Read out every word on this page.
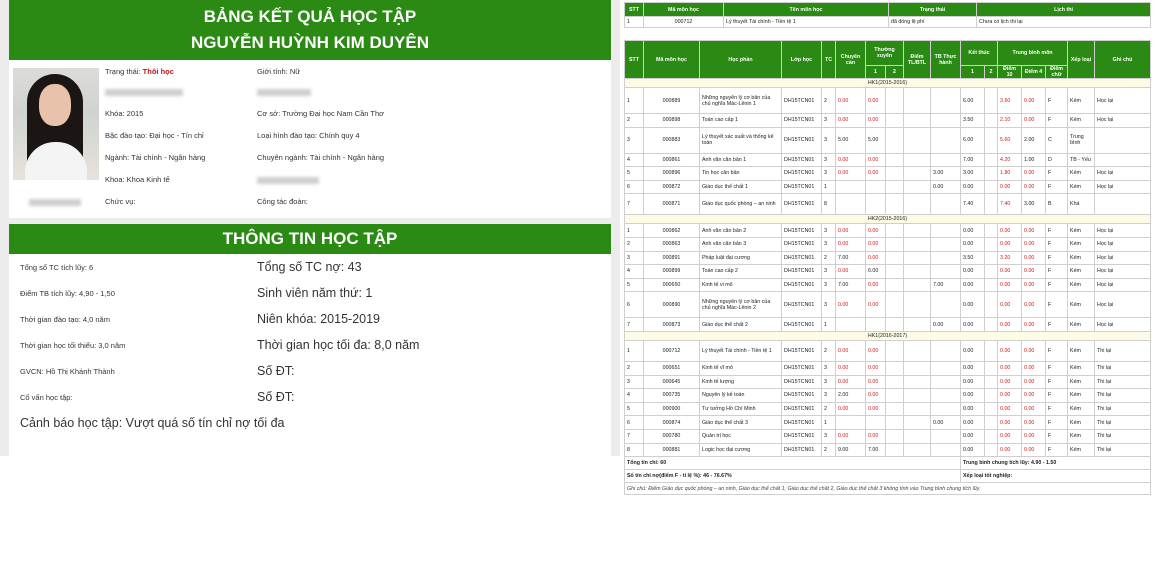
BẢNG KẾT QUẢ HỌC TẬP
NGUYỄN HUỲNH KIM DUYÊN
Trạng thái: Thôi học	Giới tính: Nữ
Khóa: 2015	Cơ sở: Trường Đại học Nam Cần Thơ
Bậc đào tạo: Đại học - Tín chỉ	Loại hình đào tạo: Chính quy 4
Ngành: Tài chính - Ngân hàng	Chuyên ngành: Tài chính - Ngân hàng
Khoa: Khoa Kinh tế
Chức vụ:	Công tác đoàn:
THÔNG TIN HỌC TẬP
Tổng số TC tích lũy: 6	Tổng số TC nợ: 43
Điểm TB tích lũy: 4,90 - 1,50	Sinh viên năm thứ: 1
Thời gian đào tạo: 4,0 năm	Niên khóa: 2015-2019
Thời gian học tối thiểu: 3,0 năm	Thời gian học tối đa: 8,0 năm
GVCN: Hồ Thị Khánh Thành	Số ĐT:
Cố vấn học tập:	Số ĐT:
Cảnh báo học tập: Vượt quá số tín chỉ nợ tối đa
STT	Mã môn học	Tên môn học	Trạng thái	Lịch thi
1	000712	Lý thuyết Tài chính - Tiền tệ 1	đã đóng lệ phí	Chưa có lịch thi lại
STT	Mã môn học	Học phần	Lớp học	TC	Chuyên cần	Thường xuyên		Điểm TL/BTL	TB Thực hành	Kết thúc		Trung bình môn			Xếp loại	Ghi chú
						1	2			1	2	Điểm 10	Điểm 4	Điểm chữ		
HK1(2015-2016)																
1	000889	Những nguyên lý cơ bản của chủ nghĩa Mác-Lênin 1	DH15TCN01	2	0.00	0.00				6.00		3.60	0.00	F	Kém	Học lại
2	000898	Toán cao cấp 1	DH15TCN01	3	0.00	0.00				3.50		2.10	0.00	F	Kém	Học lại
3	000883	Lý thuyết xác suất và thống kê toán	DH15TCN01	3	5.00	5.00				6.00		5.60	2.00	C	Trung bình	
4	000861	Anh văn căn bản 1	DH15TCN01	3	0.00	0.00				7.00		4.20	1.00	D	TB - Yếu	
5	000896	Tin học căn bản	DH15TCN01	3	0.00	0.00			3.00	3.00		1.80	0.00	F	Kém	Học lại
6	000872	Giáo dục thể chất 1	DH15TCN01	1					0.00	0.00		0.00	0.00	F	Kém	Học lại
7	000871	Giáo dục quốc phòng – an ninh	DH15TCN01	8						7.40		7.40	3.00	B	Khá	
HK2(2015-2016)																
1	000862	Anh văn căn bản 2	DH15TCN01	3	0.00	0.00				0.00		0.00	0.00	F	Kém	Học lại
2	000863	Anh văn căn bản 3	DH15TCN01	3	0.00	0.00				0.00		0.00	0.00	F	Kém	Học lại
3	000891	Pháp luật đại cương	DH15TCN01	2	7.00	0.00				3.50		3.20	0.00	F	Kém	Học lại
4	000899	Toán cao cấp 2	DH15TCN01	3	0.00	6.00				0.00		0.00	0.00	F	Kém	Học lại
5	000650	Kinh tế vi mô	DH15TCN01	3	7.00	0.00			7.00	0.00		0.00	0.00	F	Kém	Học lại
6	000890	Những nguyên lý cơ bản của chủ nghĩa Mác-Lênin 2	DH15TCN01	3	0.00	0.00				0.00		0.00	0.00	F	Kém	Học lại
7	000873	Giáo dục thể chất 2	DH15TCN01	1					0.00	0.00		0.00	0.00	F	Kém	Học lại
HK1(2016-2017)																
1	000712	Lý thuyết Tài chính - Tiền tệ 1	DH15TCN01	2	0.00	0.00				0.00		0.00	0.00	F	Kém	Thi lại
2	000651	Kinh tế vĩ mô	DH15TCN01	3	0.00	0.00				0.00		0.00	0.00	F	Kém	Thi lại
3	000645	Kinh tế lượng	DH15TCN01	3	0.00	0.00				0.00		0.00	0.00	F	Kém	Thi lại
4	000735	Nguyên lý kế toán	DH15TCN01	3	2.00	0.00				0.00		0.00	0.00	F	Kém	Thi lại
5	000900	Tư tưởng Hồ Chí Minh	DH15TCN01	2	0.00	0.00				0.00		0.00	0.00	F	Kém	Thi lại
6	000874	Giáo dục thể chất 3	DH15TCN01	1					0.00	0.00		0.00	0.00	F	Kém	Thi lại
7	000780	Quản trị học	DH15TCN01	3	0.00	0.00				0.00		0.00	0.00	F	Kém	Thi lại
8	000881	Logic học đại cương	DH15TCN01	2	9.00	7.00				0.00		0.00	0.00	F	Kém	Thi lại
Tổng tín chỉ: 60										Trung bình chung tích lũy: 4.90 - 1.50						
Số tín chỉ nợ(điểm F - tỉ lệ %): 46 - 76.67%										Xếp loại tốt nghiệp:						
Ghi chú: Điểm Giáo dục quốc phòng – an ninh, Giáo dục thể chất 1, Giáo dục thể chất 2, Giáo dục thể chất 3 không tính vào Trung bình chung tích lũy.																
